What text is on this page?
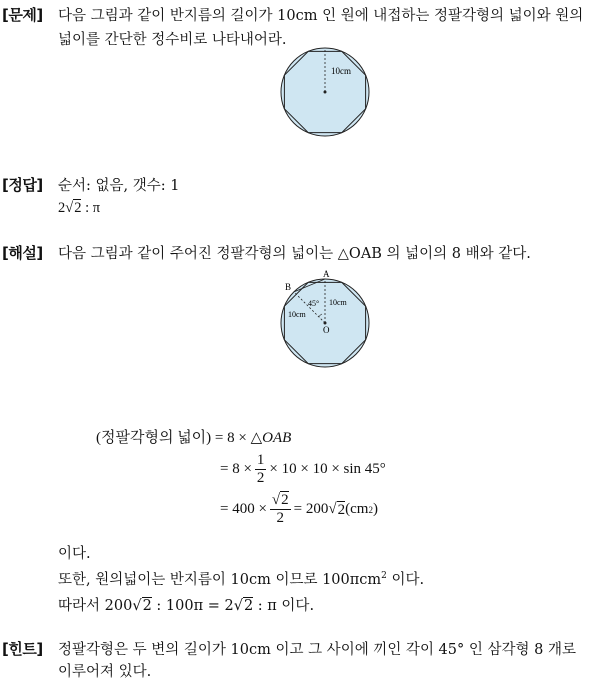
[문제] 다음 그림과 같이 반지름의 길이가 10cm 인 원에 내접하는 정팔각형의 넓이와 원의
넓이를 간단한 정수비로 나타내어라.
10cm
[정답] 순서: 없음, 갯수: 1
2√2 : π
[해설] 다음 그림과 같이 주어진 정팔각형의 넓이는 △OAB 의 넓이의 8 배와 같다.
A
B
O
45° 10cm
10cm
(정팔각형의 넓이) = 8 × △OAB
= $8 \times \frac{1}{2} \times 10 \times 10 \times \sin 45^\circ$
= $400 \times \frac{√2}{2} = 200$ √ 2 (cm 2 )
이다.
또한, 원의넓이는 반지름이 10cm 이므로 100πcm$^2$ 이다.
따라서 200√2 : 100π = 2√2 : π 이다.
[힌트] 정팔각형은 두 변의 길이가 10cm 이고 그 사이에 끼인 각이 45° 인 삼각형 8 개로
이루어져 있다.
